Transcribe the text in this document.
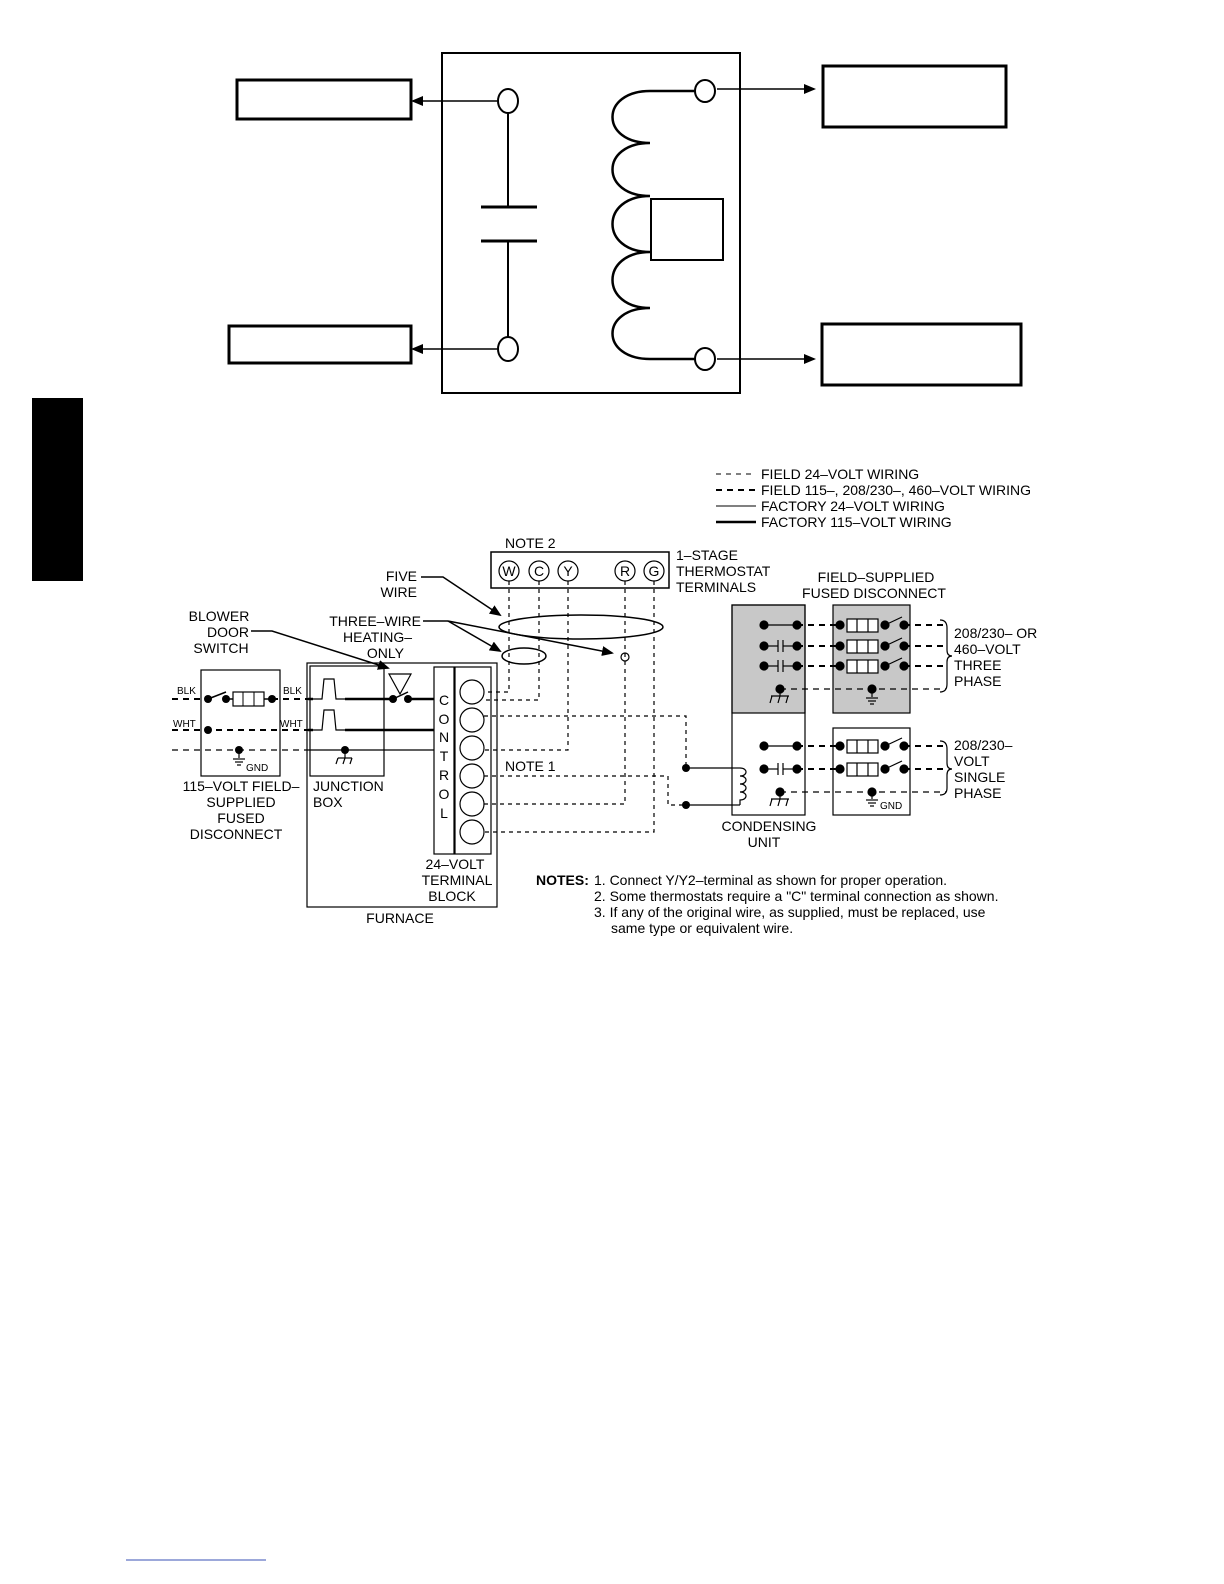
FIELD 24–VOLT WIRING
FIELD 115–, 208/230–, 460–VOLT WIRING
FACTORY 24–VOLT WIRING
FACTORY 115–VOLT WIRING
NOTE 2
W C Y	R G
1–STAGE
THERMOSTAT
TERMINALS
FIVE
WIRE
THREE–WIRE
HEATING–
ONLY
BLOWER
DOOR
SWITCH
BLK	BLK
WHT	WHT
GND
115–VOLT FIELD–
SUPPLIED
FUSED
DISCONNECT
JUNCTION
BOX
FURNACE
C
O
N
T
R
O
L
24–VOLT
TERMINAL
BLOCK
NOTE 1
CONDENSING
UNIT
FIELD–SUPPLIED
FUSED DISCONNECT
GND
208/230– OR
460–VOLT
THREE
PHASE
208/230–
VOLT
SINGLE
PHASE
NOTES: 1. Connect Y/Y2–terminal as shown for proper operation.
2. Some thermostats require a "C" terminal connection as shown.
3. If any of the original wire, as supplied, must be replaced, use
same type or equivalent wire.
